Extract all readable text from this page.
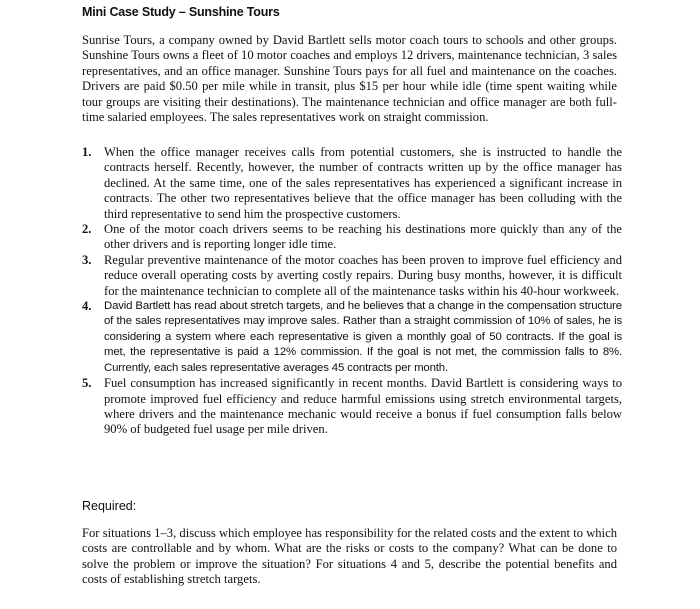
Mini Case Study – Sunshine Tours

Sunrise Tours, a company owned by David Bartlett sells motor coach tours to schools and other groups. Sunshine Tours owns a fleet of 10 motor coaches and employs 12 drivers, maintenance technician, 3 sales representatives, and an office manager. Sunshine Tours pays for all fuel and maintenance on the coaches. Drivers are paid $0.50 per mile while in transit, plus $15 per hour while idle (time spent waiting while tour groups are visiting their destinations). The maintenance technician and office manager are both full-time salaried employees. The sales representatives work on straight commission.

1. When the office manager receives calls from potential customers, she is instructed to handle the contracts herself. Recently, however, the number of contracts written up by the office manager has declined. At the same time, one of the sales representatives has experienced a significant increase in contracts. The other two representatives believe that the office manager has been colluding with the third representative to send him the prospective customers.
2. One of the motor coach drivers seems to be reaching his destinations more quickly than any of the other drivers and is reporting longer idle time.
3. Regular preventive maintenance of the motor coaches has been proven to improve fuel efficiency and reduce overall operating costs by averting costly repairs. During busy months, however, it is difficult for the maintenance technician to complete all of the maintenance tasks within his 40-hour workweek.
4.	David Bartlett has read about stretch targets, and he believes that a change in the compensation structure of the sales representatives may improve sales. Rather than a straight commission of 10% of sales, he is considering a system where each representative is given a monthly goal of 50 contracts. If the goal is met, the representative is paid a 12% commission. If the goal is not met, the commission falls to 8%. Currently, each sales representative averages 45 contracts per month.
5. Fuel consumption has increased significantly in recent months. David Bartlett is considering ways to promote improved fuel efficiency and reduce harmful emissions using stretch environmental targets, where drivers and the maintenance mechanic would receive a bonus if fuel consumption falls below 90% of budgeted fuel usage per mile driven.

Required:

For situations 1–3, discuss which employee has responsibility for the related costs and the extent to which costs are controllable and by whom. What are the risks or costs to the company? What can be done to solve the problem or improve the situation? For situations 4 and 5, describe the potential benefits and costs of establishing stretch targets.
